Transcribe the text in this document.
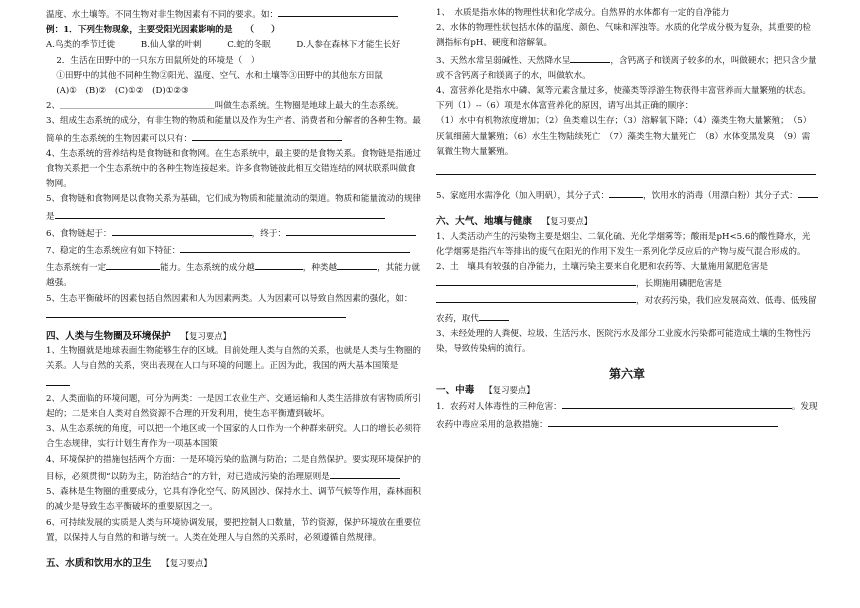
温度、水土壤等。不同生物对非生物因素有不同的要求。如：

例：1．下列生物现象，主要受阳光因素影响的是　　（　　）

A.鸟类的季节迁徙　　　B.仙人掌的叶刺　　　C.蛇的冬眠　　　D.人参在森林下才能生长好

2．生活在田野中的一只东方田鼠所处的环境是（　）

①田野中的其他不同种生物②阳光、温度、空气、水和土壤等③田野中的其他东方田鼠

(A)①　(B)②　(C)①②　(D)①②③

2、＿＿＿＿＿＿＿＿＿＿＿＿＿＿＿＿＿＿叫做生态系统。生物圈是地球上最大的生态系统。

3、组成生态系统的成分，有非生物的物质和能量以及作为生产者、消费者和分解者的各种生物。最简单的生态系统的生物因素可以只有：

4、生态系统的营养结构是食物链和食物网。在生态系统中，最主要的是食物关系。食物链是指通过食物关系把一个生态系统中的各种生物连接起来。许多食物链彼此相互交错连结的网状联系叫做食物网。

5、食物链和食物网是以食物关系为基础，它们成为物质和能量流动的渠道。物质和能量流动的规律是

6、食物链起于：	，终于：

7、稳定的生态系统应有如下特征：

生态系统有一定	能力。生态系统的成分越	，种类越	，其能力就越强。

5、生态平衡破坏的因素包括自然因素和人为因素两类。人为因素可以导致自然因素的强化，如：

四、人类与生物圈及环境保护 【复习要点】

1、生物圈就是地球表面生物能够生存的区域。目前处理人类与自然的关系，也就是人类与生物圈的关系。人与自然的关系，突出表现在人口与环境的问题上。正因为此，我国的两大基本国策是

2、人类面临的环境问题，可分为两类：一是因工农业生产、交通运输和人类生活排放有害物质所引起的；二是来自人类对自然资源不合理的开发利用，使生态平衡遭到破坏。

3、从生态系统的角度，可以把一个地区或一个国家的人口作为一个种群来研究。人口的增长必须符合生态规律，实行计划生育作为一项基本国策

4、环境保护的措施包括两个方面：一是环境污染的监测与防治；二是自然保护。要实现环境保护的目标，必须贯彻“以防为主，防治结合”的方针，对已造成污染的治理原则是

5、森林是生物圈的重要成分，它具有净化空气、防风固沙、保持水土、调节气候等作用，森林面积的减少是导致生态平衡破坏的重要原因之一。

6、可持续发展的实质是人类与环境协调发展，要把控制人口数量，节约资源，保护环境放在重要位置，以保持人与自然的和谐与统一。人类在处理人与自然的关系时，必须遵循自然规律。

五、水质和饮用水的卫生 【复习要点】

1、　水质是指水体的物理性状和化学成分。自然界的水体都有一定的自净能力

2、水体的物理性状包括水体的温度、颜色、气味和浑浊等。水质的化学成分极为复杂，其重要的检测指标有pH、硬度和溶解氧。

3、天然水常呈弱碱性、天然降水呈	，含钙离子和镁离子较多的水，叫做硬水；把只含少量或不含钙离子和镁离子的水，叫做软水。

4、富营养化是指水中磷、氮等元素含量过多，使藻类等浮游生物获得丰富营养而大量繁殖的状态。下列（1）--（6）项是水体富营养化的原因，请写出其正确的顺序：

（1）水中有机物浓度增加；（2）鱼类难以生存；（3）溶解氧下降；（4）藻类生物大量繁殖；　（5）厌氧细菌大量繁殖；（6）水生生物陆续死亡　（7）藻类生物大量死亡　（8）水体变黑发臭　（9）需氧微生物大量繁殖。

5、家庭用水需净化（加入明矾），其分子式：	，饮用水的消毒（用漂白粉）其分子式：

六、大气、地壤与健康 【复习要点】

1、人类活动产生的污染物主要是烟尘、二氧化硫、光化学烟雾等；酸雨是pH<5.6的酸性降水，光化学烟雾是指汽车等排出的废气在阳光的作用下发生一系列化学反应后的产物与废气混合形成的。

2、土　壤具有较强的自净能力，土壤污染主要来自化肥和农药等、大量施用氮肥危害是，长期施用磷肥危害是，对农药污染，我们应发展高效、低毒、低残留农药，取代

3、未经处理的人粪便、垃圾、生活污水、医院污水及部分工业废水污染都可能造成土壤的生物性污染，导致传染病的流行。

第六章

一、中毒 【复习要点】

1．农药对人体毒性的三种危害：	。发现农药中毒应采用的急救措施：
